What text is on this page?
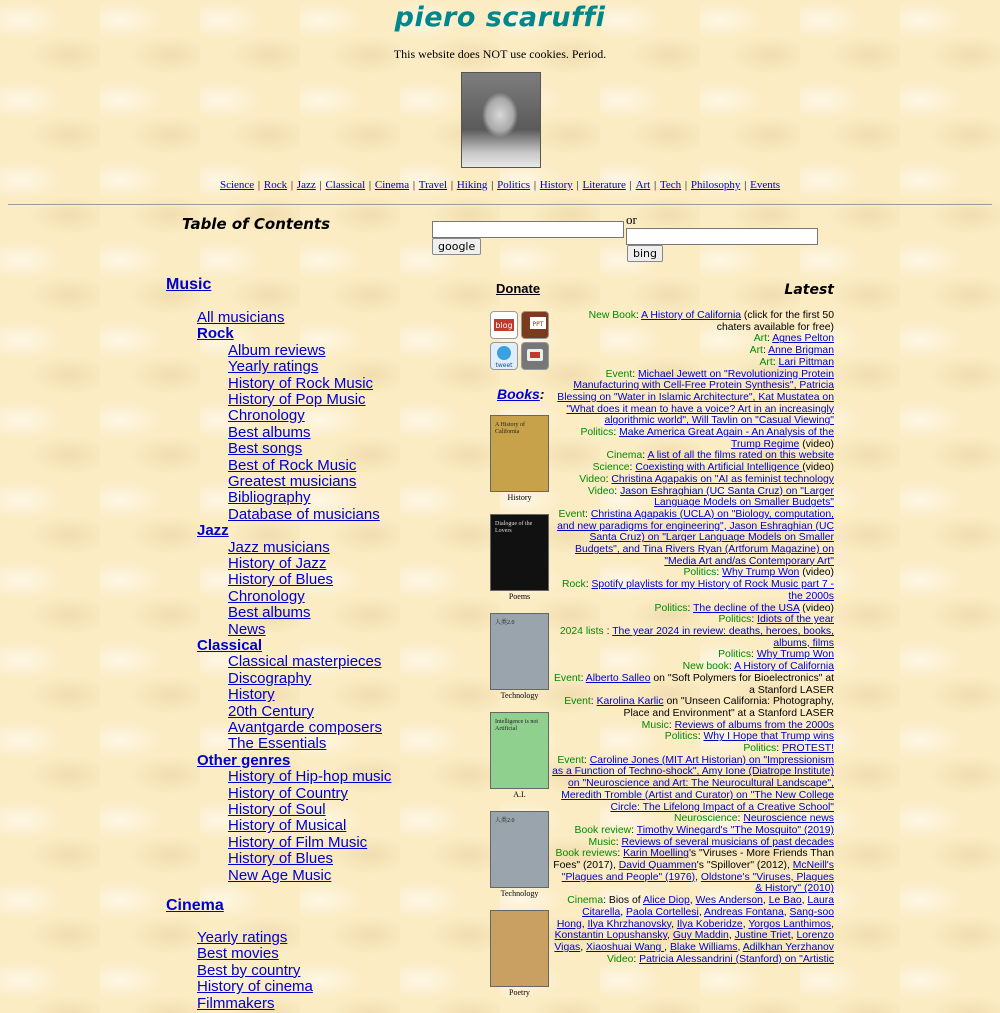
piero scaruffi
This website does NOT use cookies. Period.
Science | Rock | Jazz | Classical | Cinema | Travel | Hiking | Politics | History | Literature | Art | Tech | Philosophy | Events
Table of Contents
google
or
bing
Music
All musicians
Rock
Album reviews
Yearly ratings
History of Rock Music
History of Pop Music
Chronology
Best albums
Best songs
Best of Rock Music
Greatest musicians
Bibliography
Database of musicians
Jazz
Jazz musicians
History of Jazz
History of Blues
Chronology
Best albums
News
Classical
Classical masterpieces
Discography
History
20th Century
Avantgarde composers
The Essentials
Other genres
History of Hip-hop music
History of Country
History of Soul
History of Musical
History of Film Music
History of Blues
New Age Music
Cinema
Yearly ratings
Best movies
Best by country
History of cinema
Filmmakers
Donate
blog	PPT
tweet
Books:
A History of California
History
Dialogue of the Lovers
Poems
人类2.0
Technology
Intelligence is not Artificial
A.I.
人类2.0
Technology
Poetry
Latest
New Book: A History of California (click for the first 50 chaters available for free)
Art: Agnes Pelton
Art: Anne Brigman
Art: Lari Pittman
Event: Michael Jewett on "Revolutionizing Protein Manufacturing with Cell-Free Protein Synthesis", Patricia Blessing on "Water in Islamic Architecture", Kat Mustatea on "What does it mean to have a voice? Art in an increasingly algorithmic world", Will Tavlin on "Casual Viewing"
Politics: Make America Great Again - An Analysis of the Trump Regime (video)
Cinema: A list of all the films rated on this website
Science: Coexisting with Artificial Intelligence (video)
Video: Christina Agapakis on "AI as feminist technology
Video: Jason Eshraghian (UC Santa Cruz) on "Larger Language Models on Smaller Budgets"
Event: Christina Agapakis (UCLA) on "Biology, computation, and new paradigms for engineering", Jason Eshraghian (UC Santa Cruz) on "Larger Language Models on Smaller Budgets", and Tina Rivers Ryan (Artforum Magazine) on "Media Art and/as Contemporary Art"
Politics: Why Trump Won (video)
Rock: Spotify playlists for my History of Rock Music part 7 - the 2000s
Politics: The decline of the USA (video)
Politics: Idiots of the year
2024 lists : The year 2024 in review: deaths, heroes, books, albums, films
Politics: Why Trump Won
New book: A History of California
Event: Alberto Salleo on "Soft Polymers for Bioelectronics" at a Stanford LASER
Event: Karolina Karlic on "Unseen California: Photography, Place and Environment" at a Stanford LASER
Music: Reviews of albums from the 2000s
Politics: Why I Hope that Trump wins
Politics: PROTEST!
Event: Caroline Jones (MIT Art Historian) on "Impressionism as a Function of Techno-shock", Amy Ione (Diatrope Institute) on "Neuroscience and Art: The Neurocultural Landscape", Meredith Tromble (Artist and Curator) on "The New College Circle: The Lifelong Impact of a Creative School"
Neuroscience: Neuroscience news
Book review: Timothy Winegard's "The Mosquito" (2019)
Music: Reviews of several musicians of past decades
Book reviews: Karin Moelling's "Viruses - More Friends Than Foes" (2017), David Quammen's "Spillover" (2012), McNeill's "Plagues and People" (1976), Oldstone's "Viruses, Plagues & History" (2010)
Cinema: Bios of Alice Diop, Wes Anderson, Le Bao, Laura Citarella, Paola Cortellesi, Andreas Fontana, Sang-soo Hong, Ilya Khrzhanovsky, Ilya Koberidze, Yorgos Lanthimos, Konstantin Lopushansky, Guy Maddin, Justine Triet, Lorenzo Vigas, Xiaoshuai Wang , Blake Williams, Adilkhan Yerzhanov
Video: Patricia Alessandrini (Stanford) on "Artistic
